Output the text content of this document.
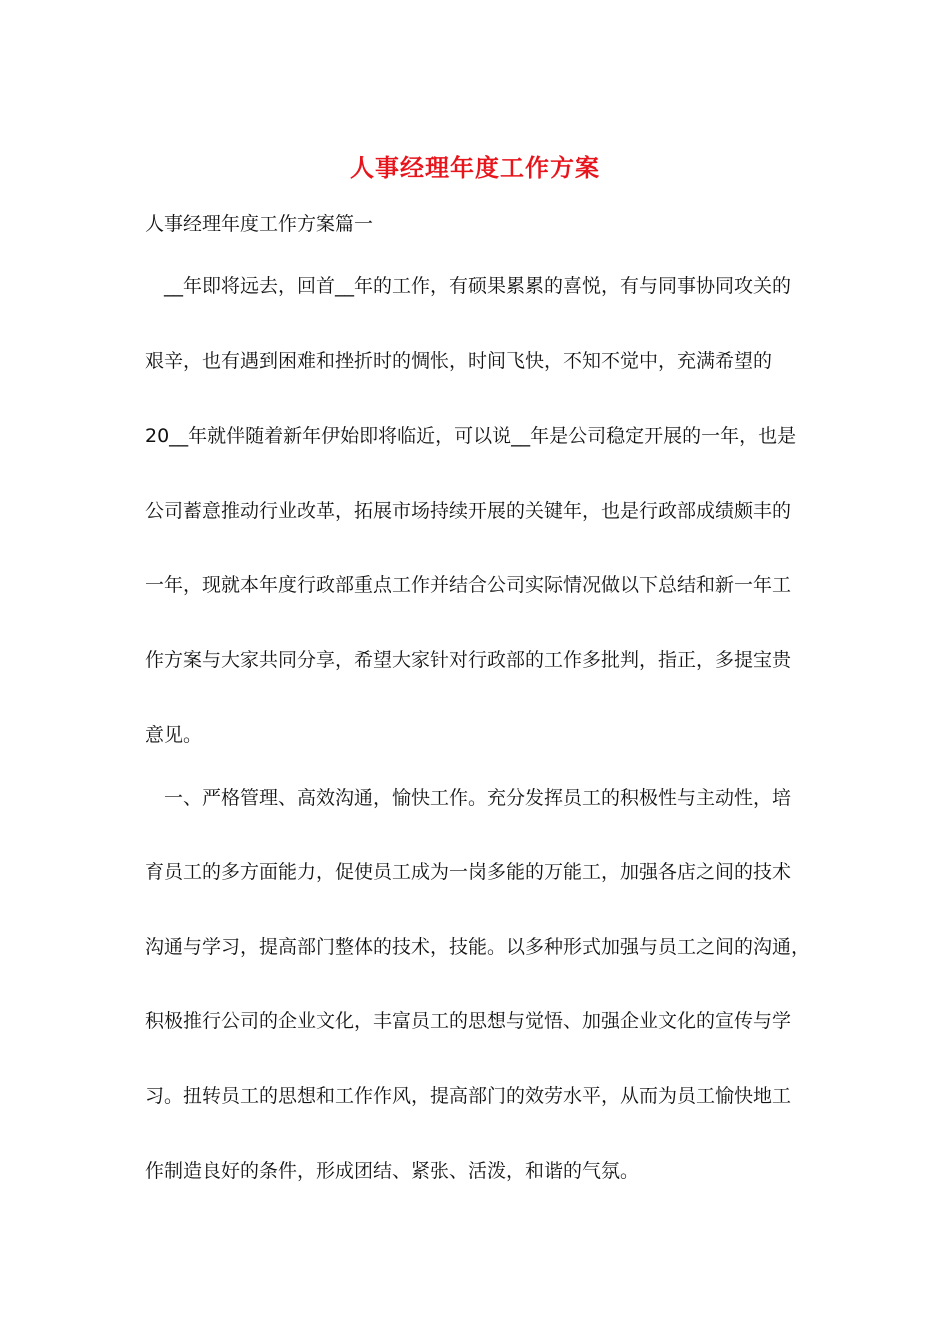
人事经理年度工作方案
人事经理年度工作方案篇一
　__年即将远去，回首__年的工作，有硕果累累的喜悦，有与同事协同攻关的
艰辛，也有遇到困难和挫折时的惆怅，时间飞快，不知不觉中，充满希望的
20__年就伴随着新年伊始即将临近，可以说__年是公司稳定开展的一年，也是
公司蓄意推动行业改革，拓展市场持续开展的关键年，也是行政部成绩颇丰的
一年，现就本年度行政部重点工作并结合公司实际情况做以下总结和新一年工
作方案与大家共同分享，希望大家针对行政部的工作多批判，指正，多提宝贵
意见。
　一、严格管理、高效沟通，愉快工作。充分发挥员工的积极性与主动性，培
育员工的多方面能力，促使员工成为一岗多能的万能工，加强各店之间的技术
沟通与学习，提高部门整体的技术，技能。以多种形式加强与员工之间的沟通，
积极推行公司的企业文化，丰富员工的思想与觉悟、加强企业文化的宣传与学
习。扭转员工的思想和工作作风，提高部门的效劳水平，从而为员工愉快地工
作制造良好的条件，形成团结、紧张、活泼，和谐的气氛。
